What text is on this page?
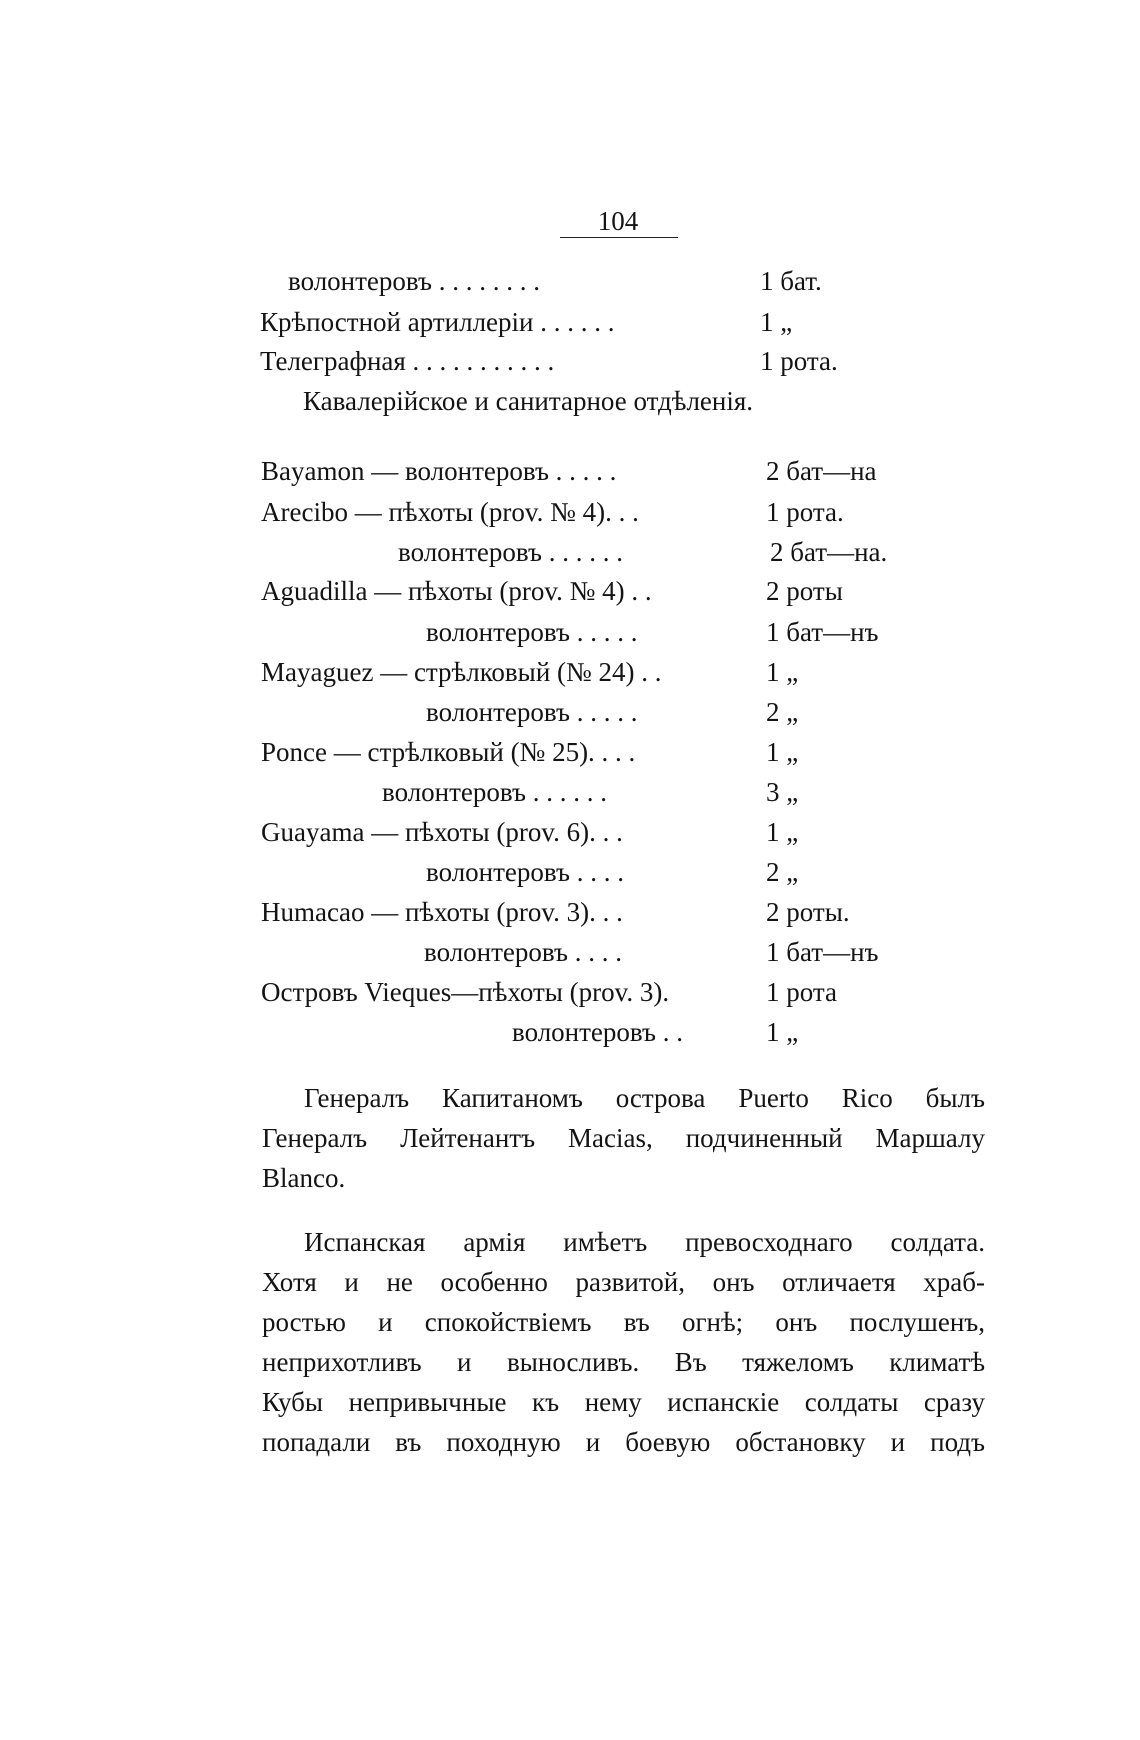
104
волонтеровъ . . . . . . . .	1 бат.
Крѣпостной артиллеріи . . . . . .	1 „
Телеграфная . . . . . . . . . . .	1 рота.
Кавалерійское и санитарное отдѣленія.
Bayamon — волонтеровъ . . . . .	2 бат—на
Arecibo — пѣхоты (prov. № 4). . .	1 рота.
волонтеровъ . . . . . .	2 бат—на.
Aguadilla — пѣхоты (prov. № 4) . .	2 роты
волонтеровъ . . . . .	1 бат—нъ
Mayaguez — стрѣлковый (№ 24) . .	1 „
волонтеровъ . . . . .	2 „
Ponce — стрѣлковый (№ 25). . . .	1 „
волонтеровъ . . . . . .	3 „
Guayama — пѣхоты (prov. 6). . .	1 „
волонтеровъ . . . .	2 „
Humacao — пѣхоты (prov. 3). . .	2 роты.
волонтеровъ . . . .	1 бат—нъ
Островъ Vieques—пѣхоты (prov. 3).	1 рота
волонтеровъ . .	1 „
Генералъ Капитаномъ острова Puerto Rico былъ
Генералъ Лейтенантъ Macias, подчиненный Маршалу
Blanco.
Испанская армія имѣетъ превосходнаго солдата.
Хотя и не особенно развитой, онъ отличаетя храб-
ростью и спокойствіемъ въ огнѣ; онъ послушенъ,
неприхотливъ и выносливъ. Въ тяжеломъ климатѣ
Кубы непривычные къ нему испанскіе солдаты сразу
попадали въ походную и боевую обстановку и подъ
